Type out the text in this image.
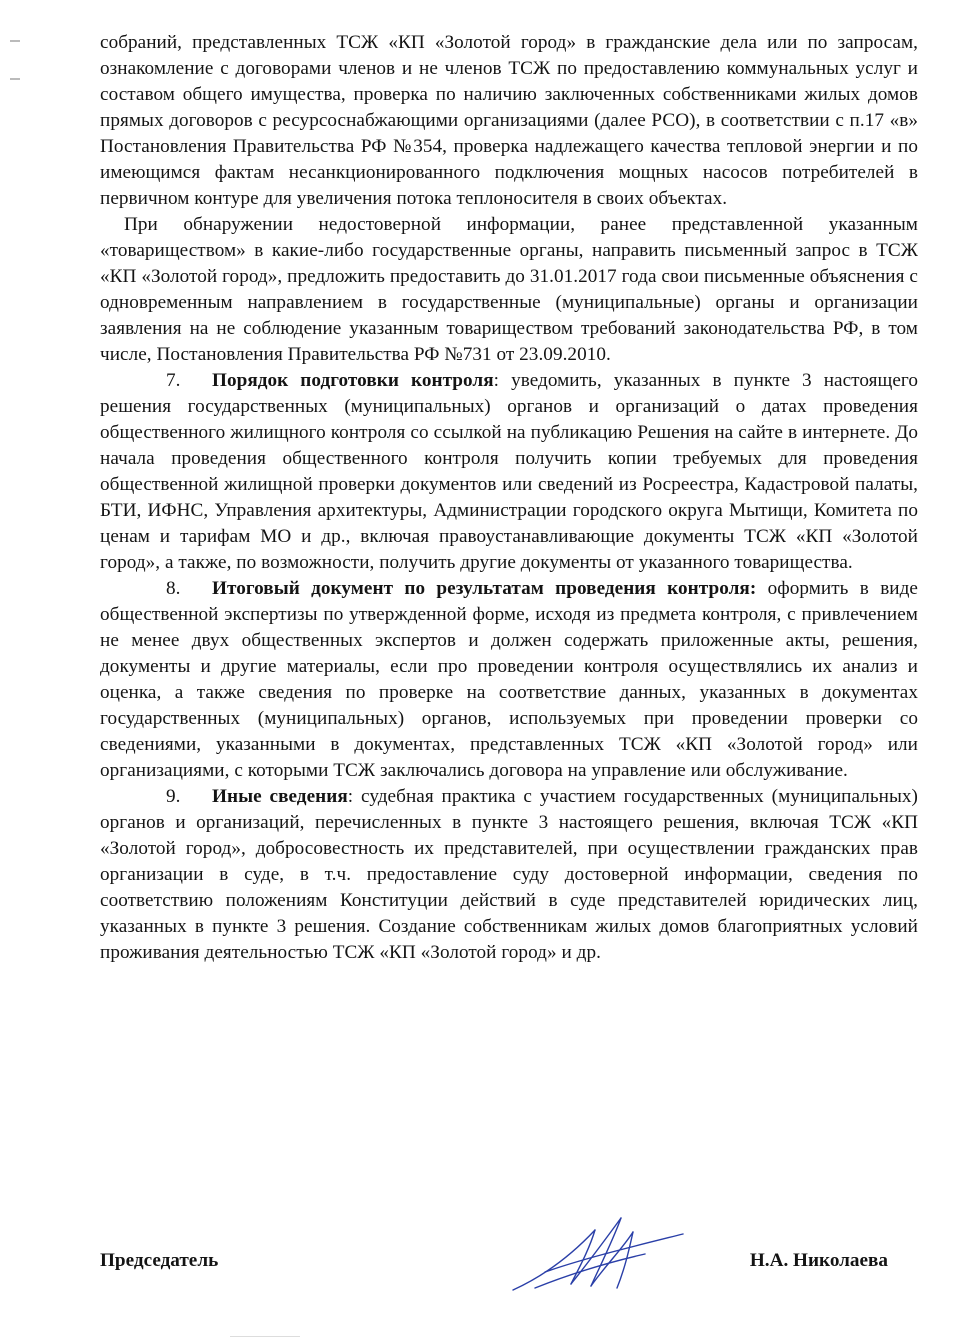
собраний, представленных ТСЖ «КП «Золотой город» в гражданские дела или по запросам, ознакомление с договорами членов и не членов ТСЖ по предоставлению коммунальных услуг и составом общего имущества, проверка по наличию заключенных собственниками жилых домов прямых договоров с ресурсоснабжающими организациями (далее РСО), в соответствии с п.17 «в» Постановления Правительства РФ №354, проверка надлежащего качества тепловой энергии и по имеющимся фактам несанкционированного подключения мощных насосов потребителей в первичном контуре для увеличения потока теплоносителя в своих объектах.

При обнаружении недостоверной информации, ранее представленной указанным «товариществом» в какие-либо государственные органы, направить письменный запрос в ТСЖ «КП «Золотой город», предложить предоставить до 31.01.2017 года свои письменные объяснения с одновременным направлением в государственные (муниципальные) органы и организации заявления на не соблюдение указанным товариществом требований законодательства РФ, в том числе, Постановления Правительства РФ №731 от 23.09.2010.

7. Порядок подготовки контроля: уведомить, указанных в пункте 3 настоящего решения государственных (муниципальных) органов и организаций о датах проведения общественного жилищного контроля со ссылкой на публикацию Решения на сайте в интернете. До начала проведения общественного контроля получить копии требуемых для проведения общественной жилищной проверки документов или сведений из Росреестра, Кадастровой палаты, БТИ, ИФНС, Управления архитектуры, Администрации городского округа Мытищи, Комитета по ценам и тарифам МО и др., включая правоустанавливающие документы ТСЖ «КП «Золотой город», а также, по возможности, получить другие документы от указанного товарищества.

8. Итоговый документ по результатам проведения контроля: оформить в виде общественной экспертизы по утвержденной форме, исходя из предмета контроля, с привлечением не менее двух общественных экспертов и должен содержать приложенные акты, решения, документы и другие материалы, если про проведении контроля осуществлялись их анализ и оценка, а также сведения по проверке на соответствие данных, указанных в документах государственных (муниципальных) органов, используемых при проведении проверки со сведениями, указанными в документах, представленных ТСЖ «КП «Золотой город» или организациями, с которыми ТСЖ заключались договора на управление или обслуживание.

9. Иные сведения: судебная практика с участием государственных (муниципальных) органов и организаций, перечисленных в пункте 3 настоящего решения, включая ТСЖ «КП «Золотой город», добросовестность их представителей, при осуществлении гражданских прав организации в суде, в т.ч. предоставление суду достоверной информации, сведения по соответствию положениям Конституции действий в суде представителей юридических лиц, указанных в пункте 3 решения. Создание собственникам жилых домов благоприятных условий проживания деятельностью ТСЖ «КП «Золотой город» и др.

Председатель	Н.А. Николаева
